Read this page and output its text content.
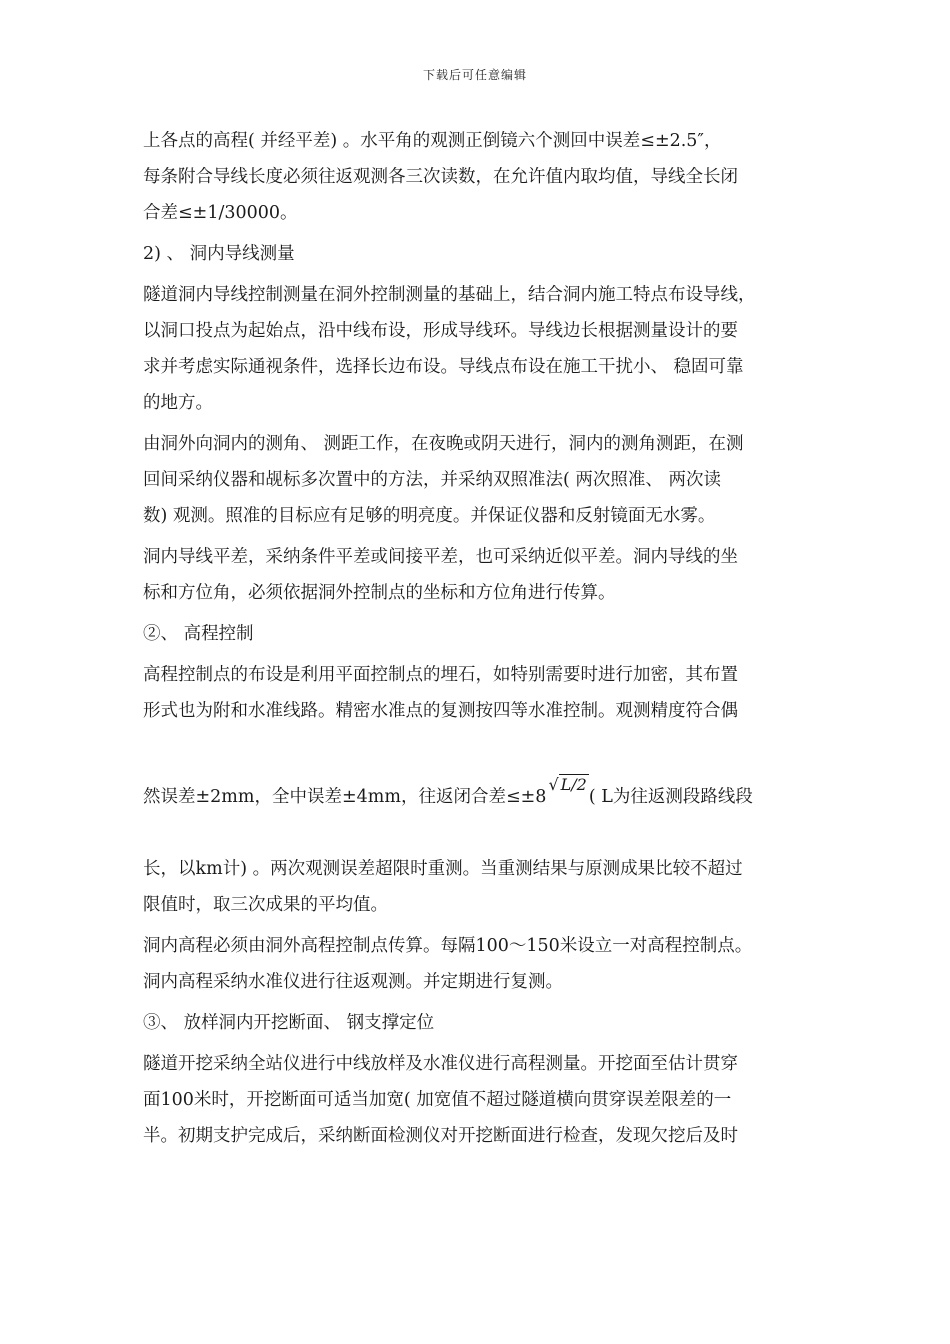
下载后可任意编辑
上各点的高程( 并经平差) 。水平角的观测正倒镜六个测回中误差≤±2.5″，
每条附合导线长度必须往返观测各三次读数，在允许值内取均值，导线全长闭
合差≤±1/30000。
2) 、 洞内导线测量
隧道洞内导线控制测量在洞外控制测量的基础上，结合洞内施工特点布设导线，
以洞口投点为起始点，沿中线布设，形成导线环。导线边长根据测量设计的要
求并考虑实际通视条件，选择长边布设。导线点布设在施工干扰小、 稳固可靠
的地方。
由洞外向洞内的测角、 测距工作，在夜晚或阴天进行，洞内的测角测距，在测
回间采纳仪器和觇标多次置中的方法，并采纳双照准法( 两次照准、 两次读
数) 观测。照准的目标应有足够的明亮度。并保证仪器和反射镜面无水雾。
洞内导线平差，采纳条件平差或间接平差，也可采纳近似平差。洞内导线的坐
标和方位角，必须依据洞外控制点的坐标和方位角进行传算。
②、 高程控制
高程控制点的布设是利用平面控制点的埋石，如特别需要时进行加密，其布置
形式也为附和水准线路。精密水准点的复测按四等水准控制。观测精度符合偶
然误差±2mm，全中误差±4mm，往返闭合差≤±8√ L/2( L为往返测段路线段
长，以km计) 。两次观测误差超限时重测。当重测结果与原测成果比较不超过
限值时，取三次成果的平均值。
洞内高程必须由洞外高程控制点传算。每隔100～150米设立一对高程控制点。
洞内高程采纳水准仪进行往返观测。并定期进行复测。
③、 放样洞内开挖断面、 钢支撑定位
隧道开挖采纳全站仪进行中线放样及水准仪进行高程测量。开挖面至估计贯穿
面100米时，开挖断面可适当加宽( 加宽值不超过隧道横向贯穿误差限差的一
半。初期支护完成后，采纳断面检测仪对开挖断面进行检查，发现欠挖后及时
